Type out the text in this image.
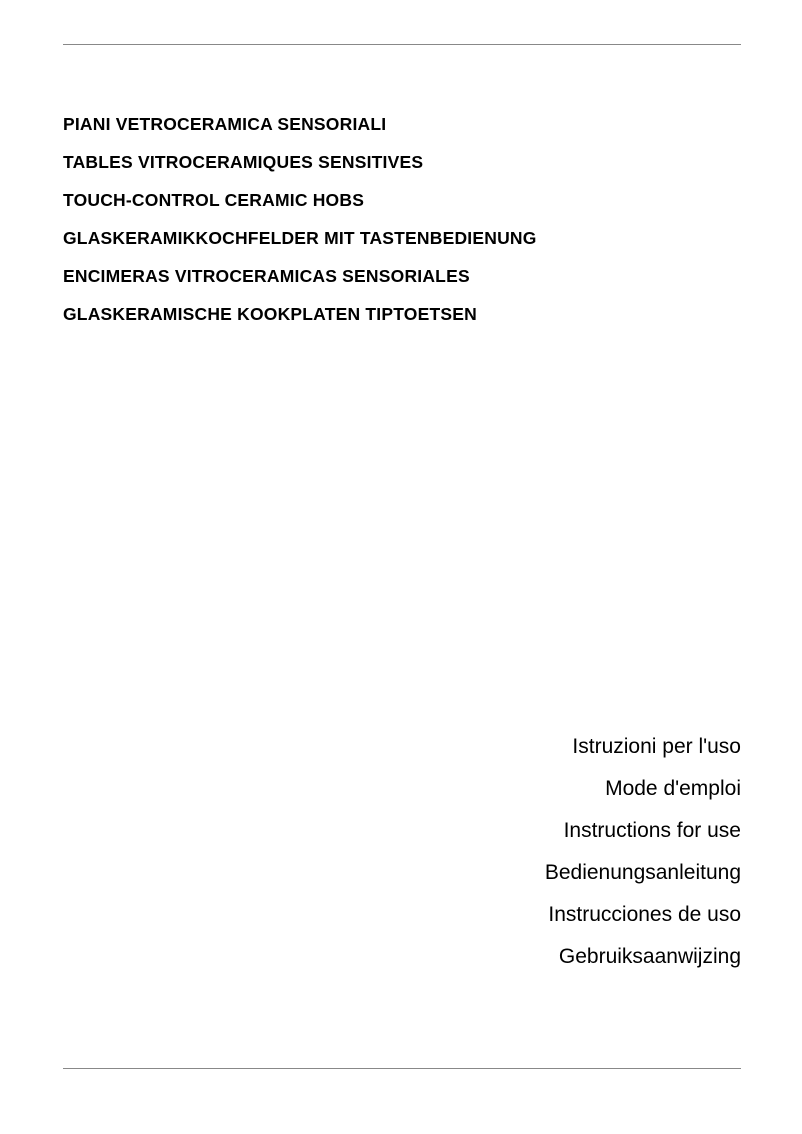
PIANI VETROCERAMICA SENSORIALI
TABLES VITROCERAMIQUES SENSITIVES
TOUCH-CONTROL CERAMIC HOBS
GLASKERAMIKKOCHFELDER MIT TASTENBEDIENUNG
ENCIMERAS VITROCERAMICAS SENSORIALES
GLASKERAMISCHE KOOKPLATEN TIPTOETSEN
Istruzioni per l'uso
Mode d'emploi
Instructions for use
Bedienungsanleitung
Instrucciones de uso
Gebruiksaanwijzing
